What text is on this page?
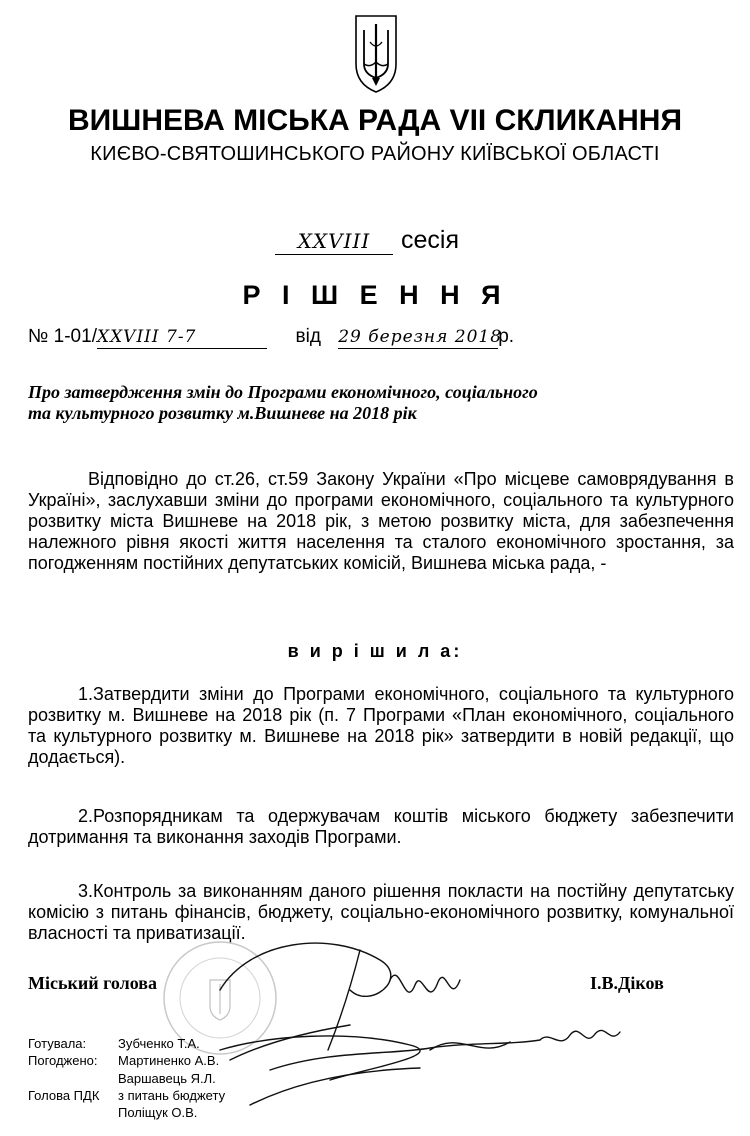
ВИШНЕВА МІСЬКА РАДА VII СКЛИКАННЯ
КИЄВО-СВЯТОШИНСЬКОГО РАЙОНУ КИЇВСЬКОЇ ОБЛАСТІ
XXVIII сесія
Р І Ш Е Н Н Я
№ 1-01/XXVIII 7-7	від 29 березня 2018р.
Про затвердження змін до Програми економічного, соціального та культурного розвитку м.Вишневе на 2018 рік
Відповідно до ст.26, ст.59 Закону України «Про місцеве самоврядування в Україні», заслухавши зміни до програми економічного, соціального та культурного розвитку міста Вишневе на 2018 рік, з метою розвитку міста, для забезпечення належного рівня якості життя населення та сталого економічного зростання, за погодженням постійних депутатських комісій, Вишнева міська рада, -
в и р і ш и л а:
1.Затвердити зміни до Програми економічного, соціального та культурного розвитку м. Вишневе на 2018 рік (п. 7 Програми «План економічного, соціального та культурного розвитку м. Вишневе на 2018 рік» затвердити в новій редакції, що додається).
2.Розпорядникам та одержувачам коштів міського бюджету забезпечити дотримання та виконання заходів Програми.
3.Контроль за виконанням даного рішення покласти на постійну депутатську комісію з питань фінансів, бюджету, соціально-економічного розвитку, комунальної власності та приватизації.
Міський голова	І.В.Діков
Готувала: Зубченко Т.А.
Погоджено: Мартиненко А.В.
Варшавець Я.Л.
Голова ПДК з питань бюджету
Поліщук О.В.
